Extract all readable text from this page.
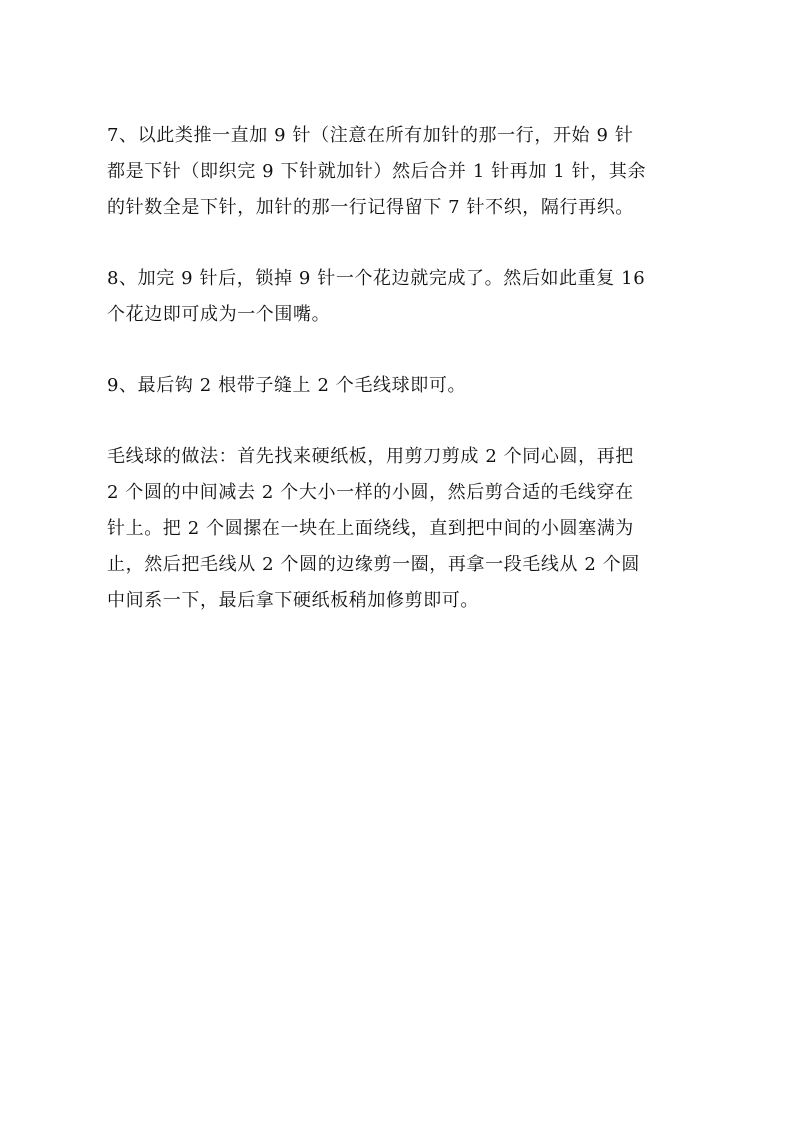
7、以此类推一直加 9 针（注意在所有加针的那一行，开始 9 针
都是下针（即织完 9 下针就加针）然后合并 1 针再加 1 针，其余
的针数全是下针，加针的那一行记得留下 7 针不织，隔行再织。
8、加完 9 针后，锁掉 9 针一个花边就完成了。然后如此重复 16
个花边即可成为一个围嘴。
9、最后钩 2 根带子缝上 2 个毛线球即可。
毛线球的做法：首先找来硬纸板，用剪刀剪成 2 个同心圆，再把
2 个圆的中间减去 2 个大小一样的小圆，然后剪合适的毛线穿在
针上。把 2 个圆摞在一块在上面绕线，直到把中间的小圆塞满为
止，然后把毛线从 2 个圆的边缘剪一圈，再拿一段毛线从 2 个圆
中间系一下，最后拿下硬纸板稍加修剪即可。
